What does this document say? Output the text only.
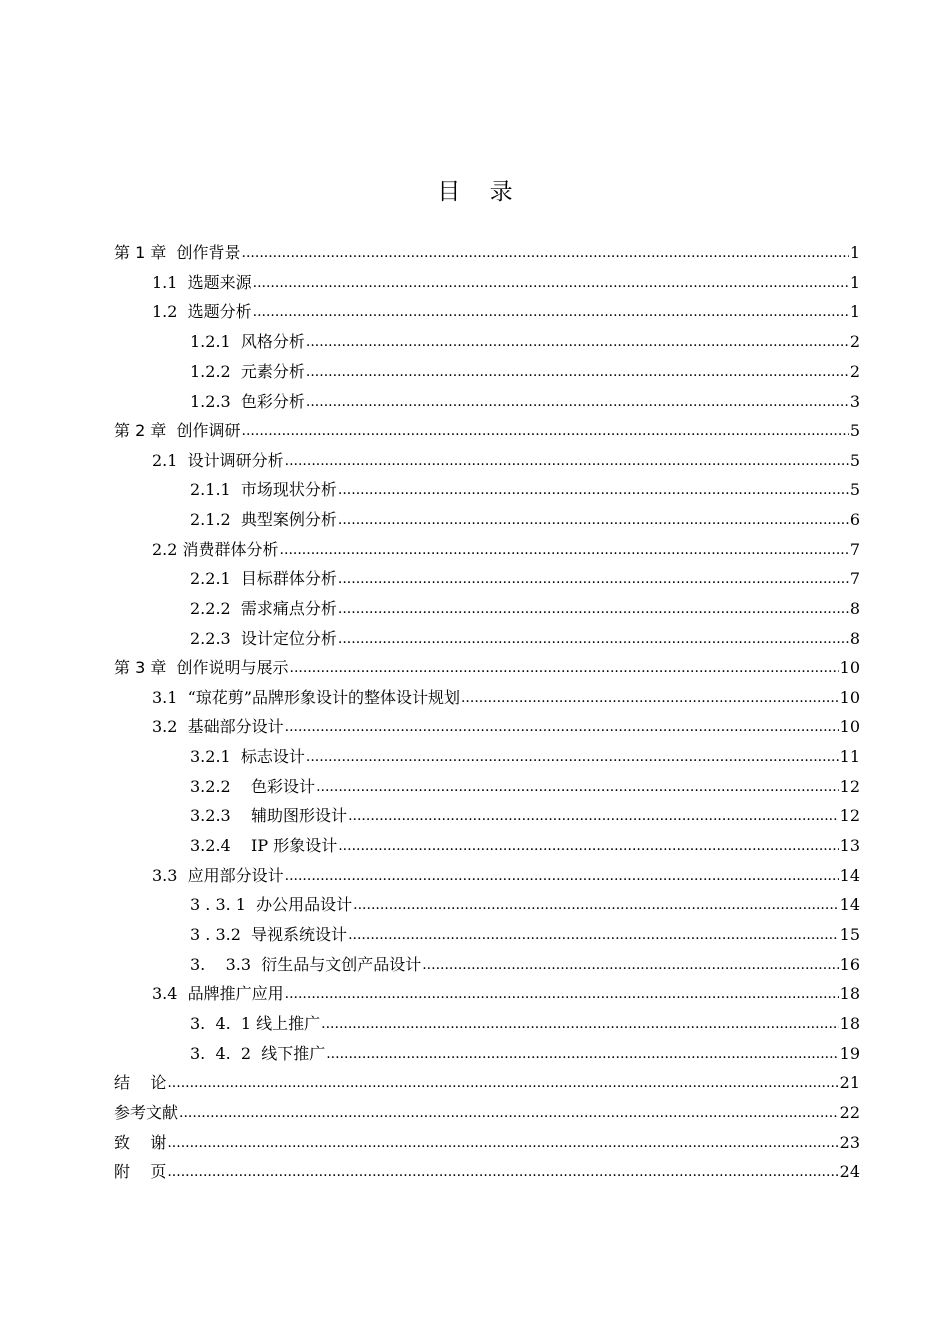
目    录
第 1 章  创作背景 .....	1
1.1  选题来源 .....	1
1.2  选题分析 .....	1
1.2.1  风格分析 .....	2
1.2.2  元素分析 .....	2
1.2.3  色彩分析 .....	3
第 2 章  创作调研 .....	5
2.1  设计调研分析 .....	5
2.1.1  市场现状分析 .....	5
2.1.2  典型案例分析 .....	6
2.2 消费群体分析 .....	7
2.2.1  目标群体分析 .....	7
2.2.2  需求痛点分析 .....	8
2.2.3  设计定位分析 .....	8
第 3 章  创作说明与展示 .....	10
3.1  “琼花剪”品牌形象设计的整体设计规划 .....	10
3.2  基础部分设计 .....	10
3.2.1  标志设计 .....	11
3.2.2    色彩设计 .....	12
3.2.3    辅助图形设计 .....	12
3.2.4    IP 形象设计 .....	13
3.3  应用部分设计 .....	14
3 . 3. 1  办公用品设计 .....	14
3 . 3.2  导视系统设计 .....	15
3.    3.3  衍生品与文创产品设计 .....	16
3.4  品牌推广应用 .....	18
3.  4.  1 线上推广 .....	18
3.  4.  2  线下推广 .....	19
结    论 .....	21
参考文献 .....	22
致    谢 .....	23
附    页 .....	24
